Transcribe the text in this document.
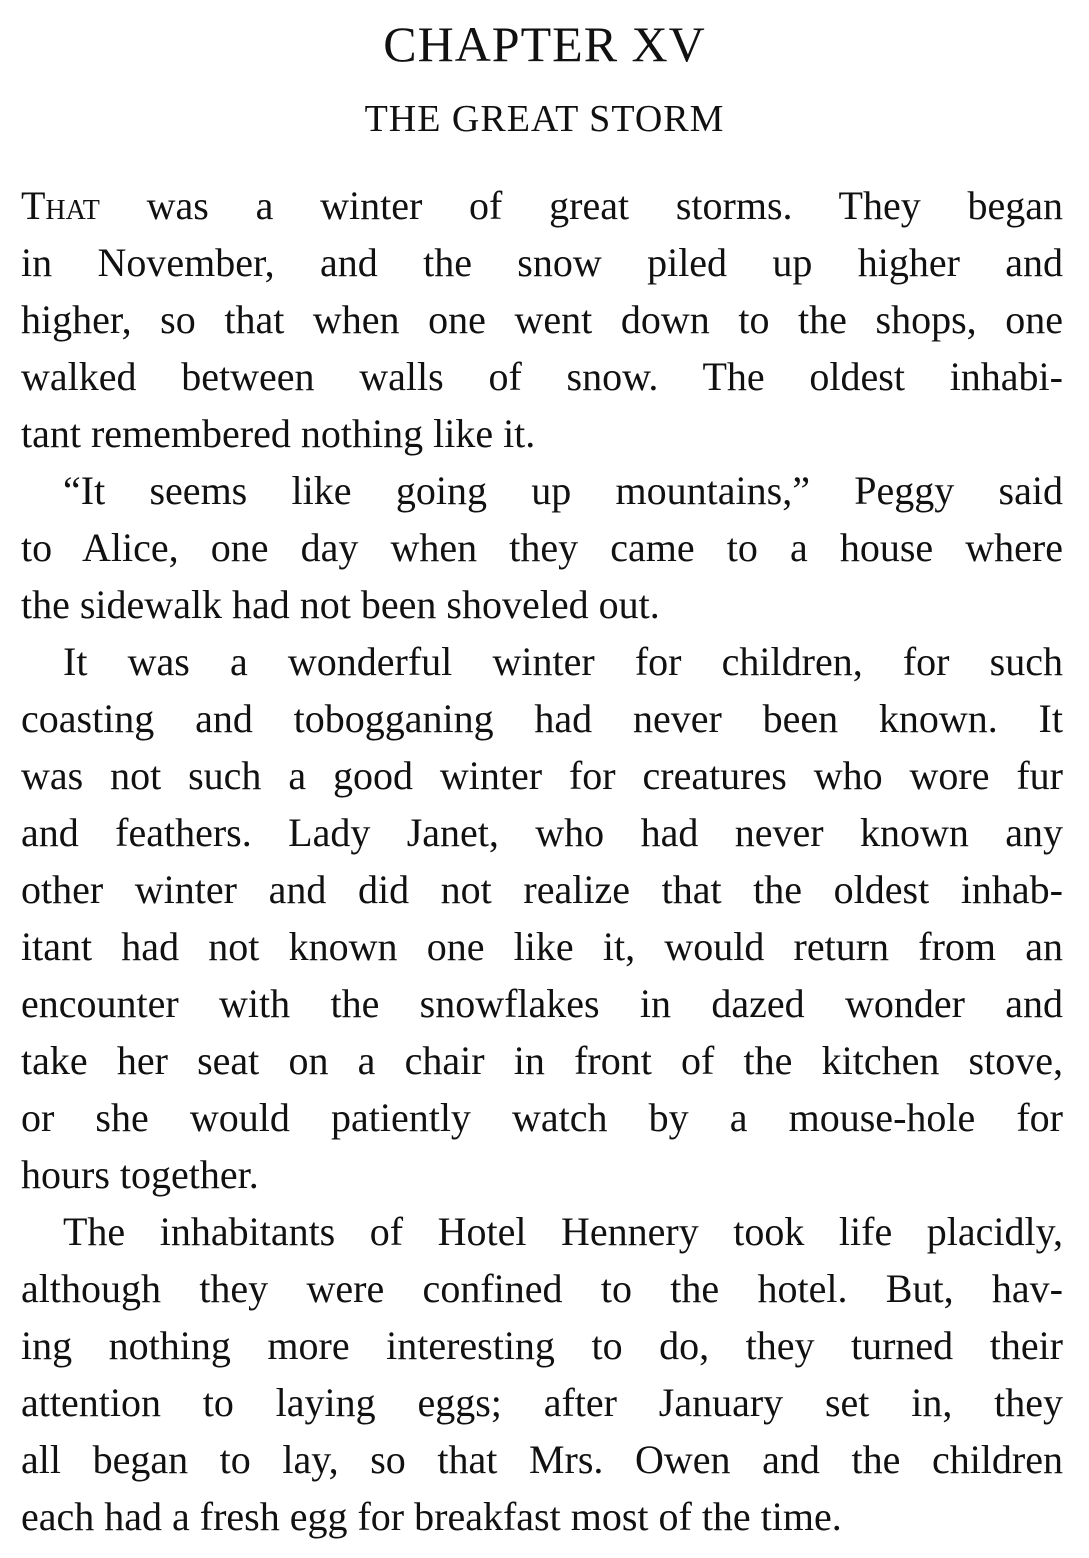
CHAPTER XV
THE GREAT STORM
That was a winter of great storms. They began
in November, and the snow piled up higher and
higher, so that when one went down to the shops, one
walked between walls of snow. The oldest inhabi-
tant remembered nothing like it.
“It seems like going up mountains,” Peggy said
to Alice, one day when they came to a house where
the sidewalk had not been shoveled out.
It was a wonderful winter for children, for such
coasting and tobogganing had never been known. It
was not such a good winter for creatures who wore fur
and feathers. Lady Janet, who had never known any
other winter and did not realize that the oldest inhab-
itant had not known one like it, would return from an
encounter with the snowflakes in dazed wonder and
take her seat on a chair in front of the kitchen stove,
or she would patiently watch by a mouse-hole for
hours together.
The inhabitants of Hotel Hennery took life placidly,
although they were confined to the hotel. But, hav-
ing nothing more interesting to do, they turned their
attention to laying eggs; after January set in, they
all began to lay, so that Mrs. Owen and the children
each had a fresh egg for breakfast most of the time.
